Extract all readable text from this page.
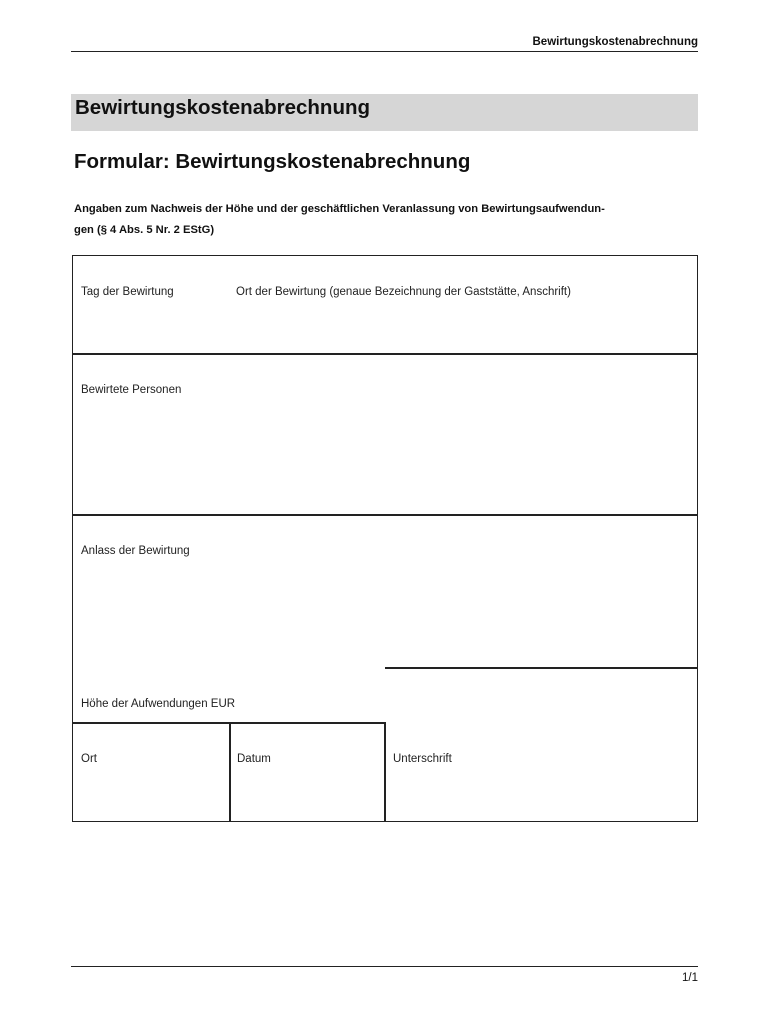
Bewirtungskostenabrechnung
Bewirtungskostenabrechnung
Formular: Bewirtungskostenabrechnung
Angaben zum Nachweis der Höhe und der geschäftlichen Veranlassung von Bewirtungsaufwendun-
gen (§ 4 Abs. 5 Nr. 2 EStG)
Tag der Bewirtung	Ort der Bewirtung (genaue Bezeichnung der Gaststätte, Anschrift)
Bewirtete Personen
Anlass der Bewirtung
Höhe der Aufwendungen EUR
Ort	Datum	Unterschrift
1/1
